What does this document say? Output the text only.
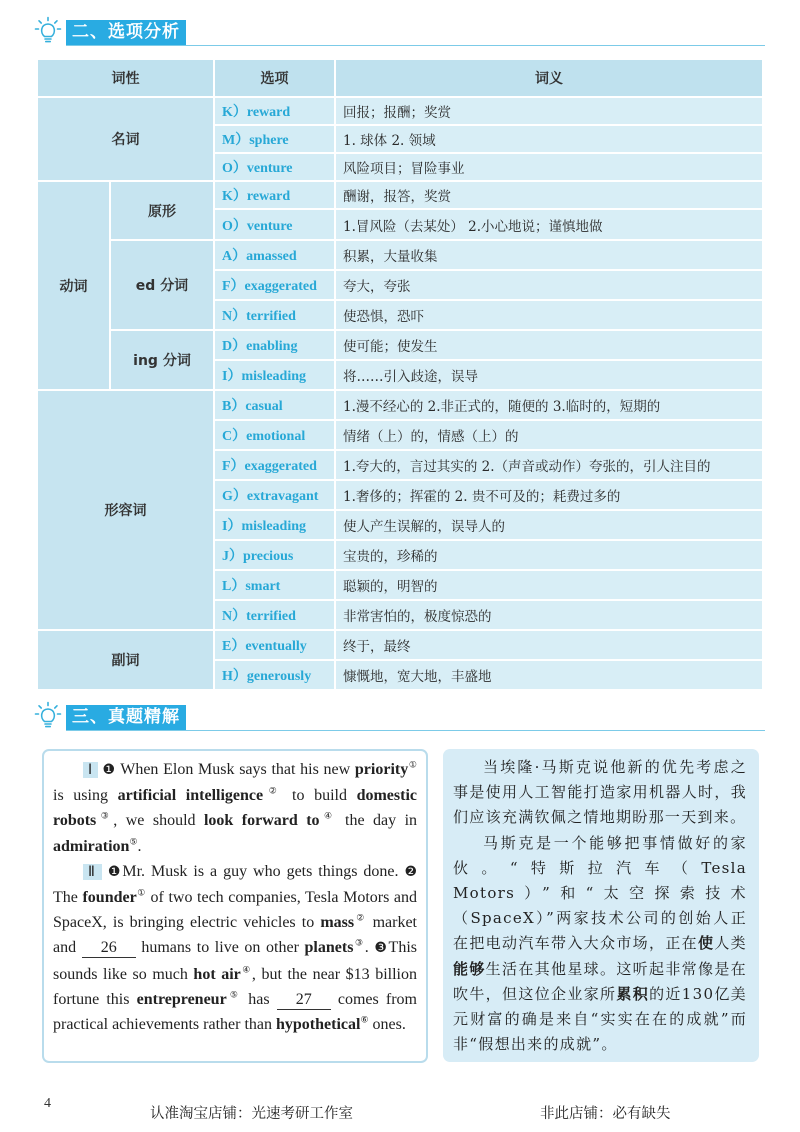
二、选项分析
词性		选项	词义
名词		K）reward	回报；报酬；奖赏
		M）sphere	1. 球体 2. 领域
		O）venture	风险项目；冒险事业
动词	原形	K）reward	酬谢，报答，奖赏
		O）venture	1.冒风险（去某处） 2.小心地说；谨慎地做
	ed 分词	A）amassed	积累，大量收集
		F）exaggerated	夸大，夸张
		N）terrified	使恐惧，恐吓
	ing 分词	D）enabling	使可能；使发生
		I）misleading	将……引入歧途，误导
形容词		B）casual	1.漫不经心的 2.非正式的，随便的 3.临时的，短期的
		C）emotional	情绪（上）的，情感（上）的
		F）exaggerated	1.夸大的，言过其实的 2.（声音或动作）夸张的，引人注目的
		G）extravagant	1.奢侈的；挥霍的 2. 贵不可及的；耗费过多的
		I）misleading	使人产生误解的，误导人的
		J）precious	宝贵的，珍稀的
		L）smart	聪颖的，明智的
		N）terrified	非常害怕的，极度惊恐的
副词		E）eventually	终于，最终
		H）generously	慷慨地，宽大地，丰盛地
三、真题精解

Ⅰ ❶ When Elon Musk says that his new priority① is using artificial intelligence② to build domestic robots③, we should look forward to④ the day in admiration⑤.

Ⅱ ❶Mr. Musk is a guy who gets things done. ❷ The founder① of two tech companies, Tesla Motors and SpaceX, is bringing electric vehicles to mass② market and 26 humans to live on other planets③. ❸This sounds like so much hot air④, but the near $13 billion fortune this entrepreneur⑤ has 27 comes from practical achievements rather than hypothetical⑥ ones.

当埃隆·马斯克说他新的优先考虑之事是使用人工智能打造家用机器人时，我们应该充满钦佩之情地期盼那一天到来。

马斯克是一个能够把事情做好的家伙。“特斯拉汽车（Tesla Motors）”和“太空探索技术（SpaceX）”两家技术公司的创始人正在把电动汽车带入大众市场，正在使人类能够生活在其他星球。这听起非常像是在吹牛，但这位企业家所累积的近130亿美元财富的确是来自“实实在在的成就”而非“假想出来的成就”。

4
认准淘宝店铺：光速考研工作室	非此店铺：必有缺失
